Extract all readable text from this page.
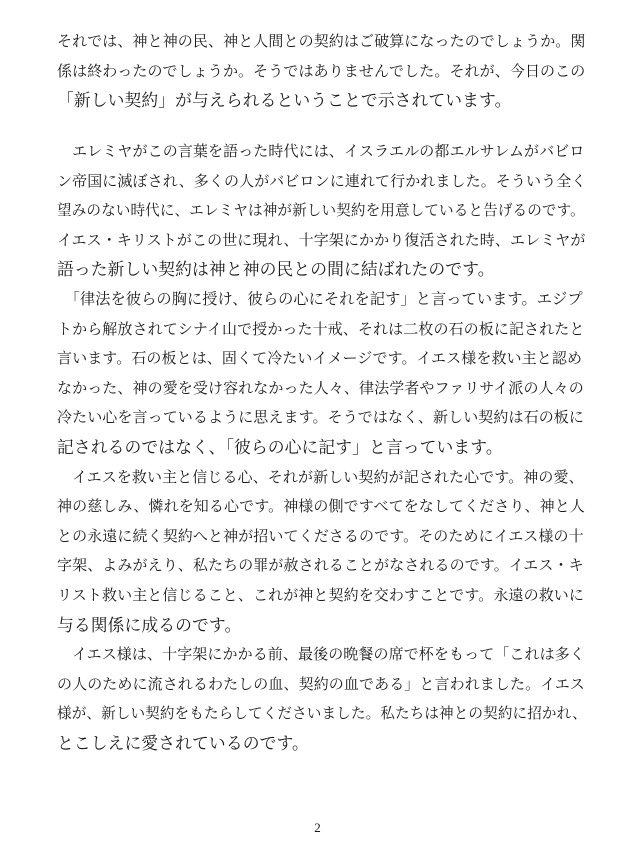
それでは、神と神の民、神と人間との契約はご破算になったのでしょうか。関
係は終わったのでしょうか。そうではありませんでした。それが、今日のこの
「新しい契約」が与えられるということで示されています。
　エレミヤがこの言葉を語った時代には、イスラエルの都エルサレムがバビロ
ン帝国に滅ぼされ、多くの人がバビロンに連れて行かれました。そういう全く
望みのない時代に、エレミヤは神が新しい契約を用意していると告げるのです。
イエス・キリストがこの世に現れ、十字架にかかり復活された時、エレミヤが
語った新しい契約は神と神の民との間に結ばれたのです。
　「律法を彼らの胸に授け、彼らの心にそれを記す」と言っています。エジプ
トから解放されてシナイ山で授かった十戒、それは二枚の石の板に記されたと
言います。石の板とは、固くて冷たいイメージです。イエス様を救い主と認め
なかった、神の愛を受け容れなかった人々、律法学者やファリサイ派の人々の
冷たい心を言っているように思えます。そうではなく、新しい契約は石の板に
記されるのではなく、「彼らの心に記す」と言っています。
　イエスを救い主と信じる心、それが新しい契約が記された心です。神の愛、
神の慈しみ、憐れを知る心です。神様の側ですべてをなしてくださり、神と人
との永遠に続く契約へと神が招いてくださるのです。そのためにイエス様の十
字架、よみがえり、私たちの罪が赦されることがなされるのです。イエス・キ
リスト救い主と信じること、これが神と契約を交わすことです。永遠の救いに
与る関係に成るのです。
　イエス様は、十字架にかかる前、最後の晩餐の席で杯をもって「これは多く
の人のために流されるわたしの血、契約の血である」と言われました。イエス
様が、新しい契約をもたらしてくださいました。私たちは神との契約に招かれ、
とこしえに愛されているのです。
2
